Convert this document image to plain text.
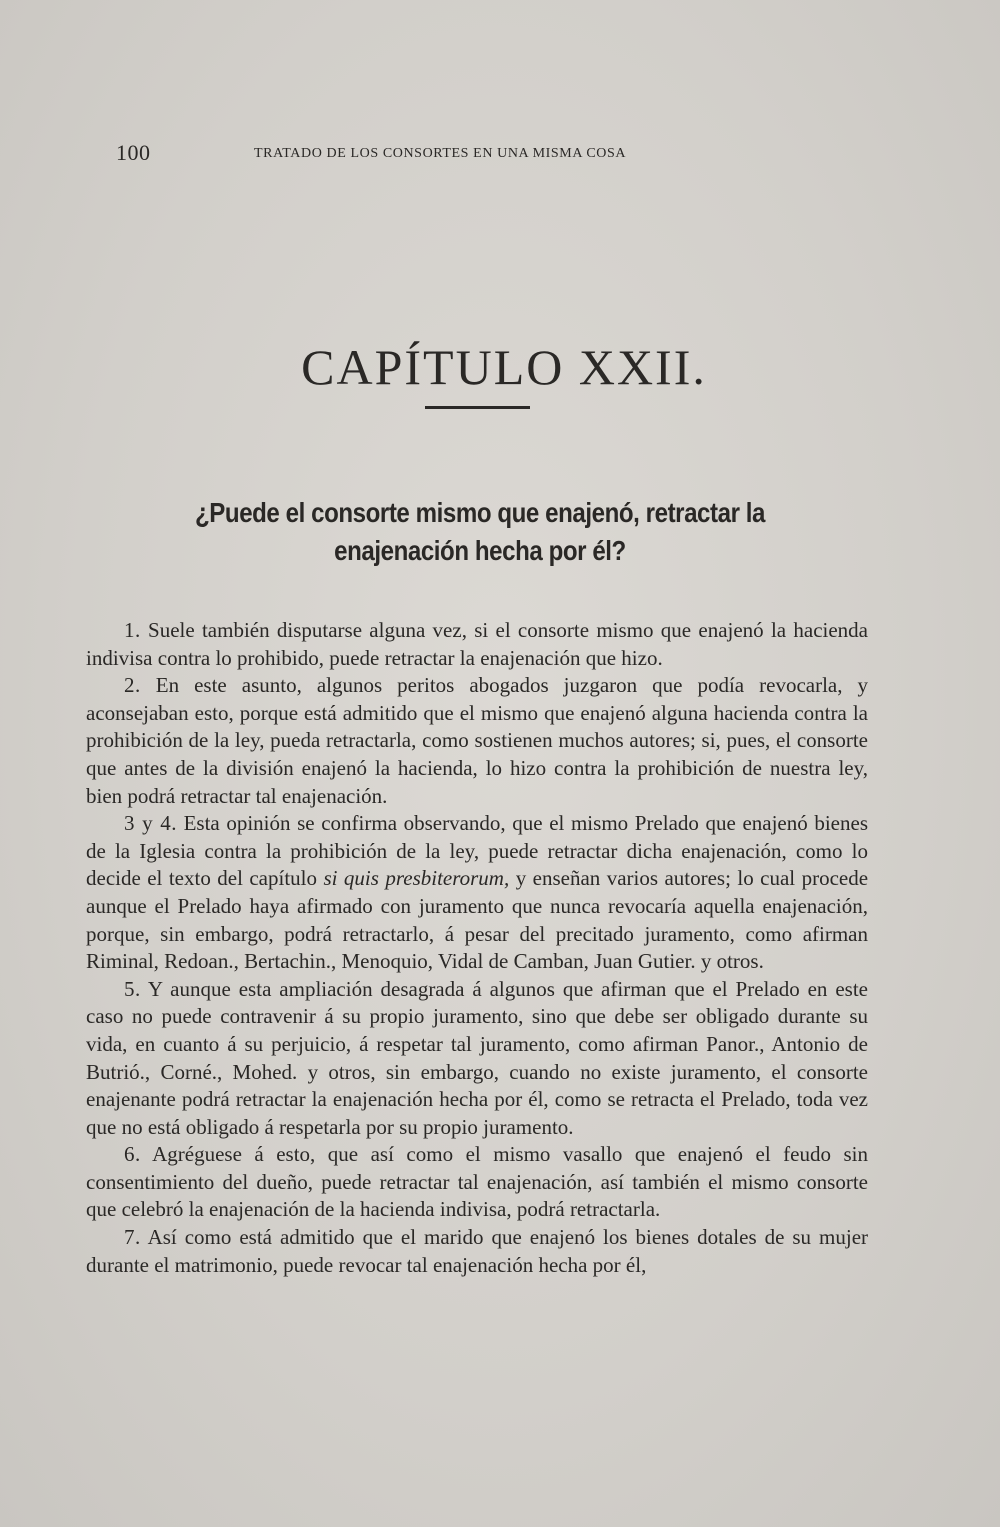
100	TRATADO DE LOS CONSORTES EN UNA MISMA COSA
CAPÍTULO XXII.
¿Puede el consorte mismo que enajenó, retractar la enajenación hecha por él?

1. Suele también disputarse alguna vez, si el consorte mismo que enajenó la hacienda indivisa contra lo prohibido, puede retractar la enajenación que hizo.

2. En este asunto, algunos peritos abogados juzgaron que podía revocarla, y aconsejaban esto, porque está admitido que el mismo que enajenó alguna hacienda contra la prohibición de la ley, pueda retractarla, como sostienen muchos autores; si, pues, el consorte que antes de la división enajenó la hacienda, lo hizo contra la prohibición de nuestra ley, bien podrá retractar tal enajenación.

3 y 4. Esta opinión se confirma observando, que el mismo Prelado que enajenó bienes de la Iglesia contra la prohibición de la ley, puede retractar dicha enajenación, como lo decide el texto del capítulo si quis presbiterorum, y enseñan varios autores; lo cual procede aunque el Prelado haya afirmado con juramento que nunca revocaría aquella enajenación, porque, sin embargo, podrá retractarlo, á pesar del precitado juramento, como afirman Riminal, Redoan., Bertachin., Menoquio, Vidal de Camban, Juan Gutier. y otros.

5. Y aunque esta ampliación desagrada á algunos que afirman que el Prelado en este caso no puede contravenir á su propio juramento, sino que debe ser obligado durante su vida, en cuanto á su perjuicio, á respetar tal juramento, como afirman Panor., Antonio de Butrió., Corné., Mohed. y otros, sin embargo, cuando no existe juramento, el consorte enajenante podrá retractar la enajenación hecha por él, como se retracta el Prelado, toda vez que no está obligado á respetarla por su propio juramento.

6. Agréguese á esto, que así como el mismo vasallo que enajenó el feudo sin consentimiento del dueño, puede retractar tal enajenación, así también el mismo consorte que celebró la enajenación de la hacienda indivisa, podrá retractarla.

7. Así como está admitido que el marido que enajenó los bienes dotales de su mujer durante el matrimonio, puede revocar tal enajenación hecha por él,
